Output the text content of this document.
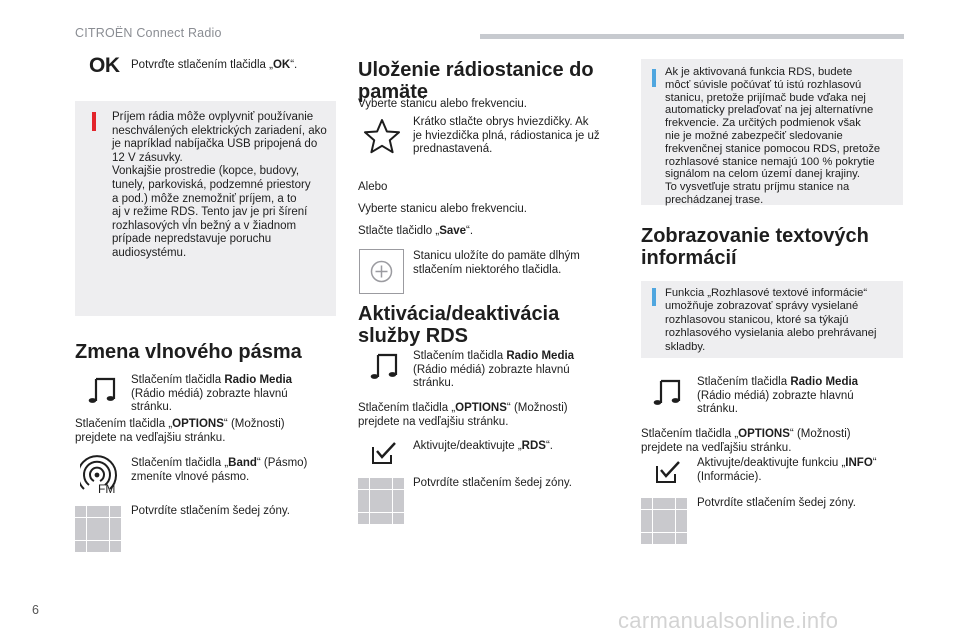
CITROËN Connect Radio
OK Potvrďte stlačením tlačidla „OK“.
Príjem rádia môže ovplyvniť používanie
neschválených elektrických zariadení, ako
je napríklad nabíjačka USB pripojená do
12 V zásuvky.
Vonkajšie prostredie (kopce, budovy,
tunely, parkoviská, podzemné priestory
a pod.) môže znemožniť príjem, a to
aj v režime RDS. Tento jav je pri šírení
rozhlasových vĺn bežný a v žiadnom
prípade nepredstavuje poruchu
audiosystému.
Zmena vlnového pásma
Stlačením tlačidla Radio Media
(Rádio médiá) zobrazte hlavnú
stránku.
Stlačením tlačidla „OPTIONS“ (Možnosti)
prejdete na vedľajšiu stránku.
FM
Stlačením tlačidla „Band“ (Pásmo)
zmeníte vlnové pásmo.
Potvrdíte stlačením šedej zóny.
Uloženie rádiostanice do
pamäte
Vyberte stanicu alebo frekvenciu.
Krátko stlačte obrys hviezdičky. Ak
je hviezdička plná, rádiostanica je už
prednastavená.
Alebo
Vyberte stanicu alebo frekvenciu.
Stlačte tlačidlo „Save“.
Stanicu uložíte do pamäte dlhým
stlačením niektorého tlačidla.
Aktivácia/deaktivácia
služby RDS
Stlačením tlačidla Radio Media
(Rádio médiá) zobrazte hlavnú
stránku.
Stlačením tlačidla „OPTIONS“ (Možnosti)
prejdete na vedľajšiu stránku.
Aktivujte/deaktivujte „RDS“.
Potvrdíte stlačením šedej zóny.
Ak je aktivovaná funkcia RDS, budete
môcť súvisle počúvať tú istú rozhlasovú
stanicu, pretože prijímač bude vďaka nej
automaticky prelaďovať na jej alternatívne
frekvencie. Za určitých podmienok však
nie je možné zabezpečiť sledovanie
frekvenčnej stanice pomocou RDS, pretože
rozhlasové stanice nemajú 100 % pokrytie
signálom na celom území danej krajiny.
To vysvetľuje stratu príjmu stanice na
prechádzanej trase.
Zobrazovanie textových
informácií
Funkcia „Rozhlasové textové informácie“
umožňuje zobrazovať správy vysielané
rozhlasovou stanicou, ktoré sa týkajú
rozhlasového vysielania alebo prehrávanej
skladby.
Stlačením tlačidla Radio Media
(Rádio médiá) zobrazte hlavnú
stránku.
Stlačením tlačidla „OPTIONS“ (Možnosti)
prejdete na vedľajšiu stránku.
Aktivujte/deaktivujte funkciu „INFO“
(Informácie).
Potvrdíte stlačením šedej zóny.
6	carmanualsonline.info
